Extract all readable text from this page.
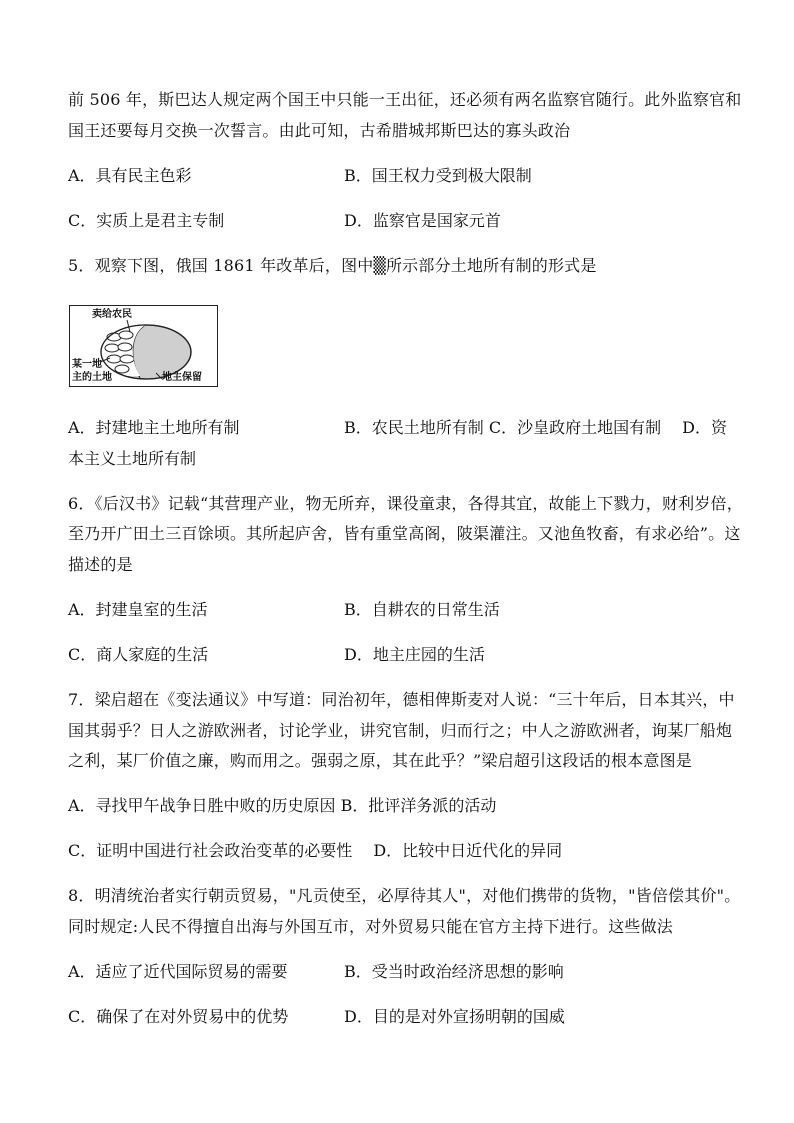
前 506 年，斯巴达人规定两个国王中只能一王出征，还必须有两名监察官随行。此外监察官和
国王还要每月交换一次誓言。由此可知，古希腊城邦斯巴达的寡头政治
A．具有民主色彩	B．国王权力受到极大限制
C．实质上是君主专制	D．监察官是国家元首
5．观察下图，俄国 1861 年改革后，图中▒所示部分土地所有制的形式是
卖给农民
某一地
主的土地	地主保留
A．封建地主土地所有制	B．农民土地所有制 C．沙皇政府土地国有制　 D．资
本主义土地所有制
6．《后汉书》记载“其营理产业，物无所弃，课役童隶，各得其宜，故能上下戮力，财利岁倍，
至乃开广田土三百馀顷。其所起庐舍，皆有重堂高阁，陂渠灌注。又池鱼牧畜，有求必给”。这
描述的是
A．封建皇室的生活	B．自耕农的日常生活
C．商人家庭的生活	D．地主庄园的生活
7．梁启超在《变法通议》中写道：同治初年，德相俾斯麦对人说：“三十年后，日本其兴，中
国其弱乎？日人之游欧洲者，讨论学业，讲究官制，归而行之；中人之游欧洲者，询某厂船炮
之利，某厂价值之廉，购而用之。强弱之原，其在此乎？”梁启超引这段话的根本意图是
A．寻找甲午战争日胜中败的历史原因 B．批评洋务派的活动
C．证明中国进行社会政治变革的必要性　 D．比较中日近代化的异同
8．明清统治者实行朝贡贸易，"凡贡使至，必厚待其人"，对他们携带的货物，"皆倍偿其价"。
同时规定:人民不得擅自出海与外国互市，对外贸易只能在官方主持下进行。这些做法
A．适应了近代国际贸易的需要	B．受当时政治经济思想的影响
C．确保了在对外贸易中的优势	D．目的是对外宣扬明朝的国威
